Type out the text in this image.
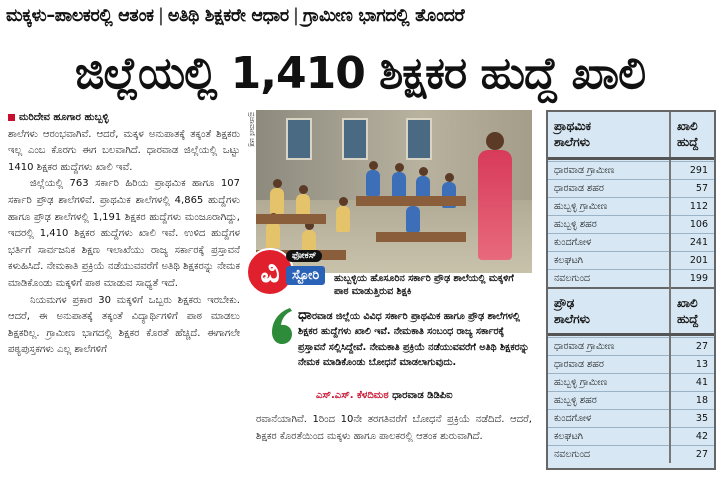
ಮಕ್ಕಳು–ಪಾಲಕರಲ್ಲಿ ಆತಂಕ | ಅತಿಥಿ ಶಿಕ್ಷಕರೇ ಆಧಾರ | ಗ್ರಾಮೀಣ ಭಾಗದಲ್ಲಿ ತೊಂದರೆ
ಜಿಲ್ಲೆಯಲ್ಲಿ 1,410 ಶಿಕ್ಷಕರ ಹುದ್ದೆ ಖಾಲಿ
ಮರಿದೇವ ಹೂಗಾರ ಹುಬ್ಬಳ್ಳಿ

ಶಾಲೆಗಳು ಆರಂಭವಾಗಿವೆ. ಆದರೆ, ಮಕ್ಕಳ ಅನುಪಾತಕ್ಕೆ ತಕ್ಕಂತೆ ಶಿಕ್ಷಕರು ಇಲ್ಲ ಎಂಬ ಕೊರಗು ಈಗ ಬಲವಾಗಿದೆ. ಧಾರವಾಡ ಜಿಲ್ಲೆಯಲ್ಲಿ ಒಟ್ಟು 1410 ಶಿಕ್ಷಕರ ಹುದ್ದೆಗಳು ಖಾಲಿ ಇವೆ.

ಜಿಲ್ಲೆಯಲ್ಲಿ 763 ಸರ್ಕಾರಿ ಹಿರಿಯ ಪ್ರಾಥಮಿಕ ಹಾಗೂ 107 ಸರ್ಕಾರಿ ಪ್ರೌಢ ಶಾಲೆಗಳಿವೆ. ಪ್ರಾಥಮಿಕ ಶಾಲೆಗಳಲ್ಲಿ 4,865 ಹುದ್ದೆಗಳು ಹಾಗೂ ಪ್ರೌಢ ಶಾಲೆಗಳಲ್ಲಿ 1,191 ಶಿಕ್ಷಕರ ಹುದ್ದೆಗಳು ಮಂಜೂರಾಗಿದ್ದು, ಇದರಲ್ಲಿ 1,410 ಶಿಕ್ಷಕರ ಹುದ್ದೆಗಳು ಖಾಲಿ ಇವೆ. ಉಳಿದ ಹುದ್ದೆಗಳ ಭರ್ತಿಗೆ ಸಾರ್ವಜನಿಕ ಶಿಕ್ಷಣ ಇಲಾಖೆಯು ರಾಜ್ಯ ಸರ್ಕಾರಕ್ಕೆ ಪ್ರಸ್ತಾವನೆ ಕಳುಹಿಸಿದೆ. ನೇಮಕಾತಿ ಪ್ರಕ್ರಿಯೆ ನಡೆಯುವವರೆಗೆ ಅತಿಥಿ ಶಿಕ್ಷಕರನ್ನು ನೇಮಕ ಮಾಡಿಕೊಂಡು ಮಕ್ಕಳಿಗೆ ಪಾಠ ಮಾಡುವ ಸಾಧ್ಯತೆ ಇದೆ.

ನಿಯಮಗಳ ಪ್ರಕಾರ 30 ಮಕ್ಕಳಿಗೆ ಒಬ್ಬರು ಶಿಕ್ಷಕರು ಇರಬೇಕು. ಆದರೆ, ಈ ಅನುಪಾತಕ್ಕೆ ತಕ್ಕಂತೆ ವಿದ್ಯಾರ್ಥಿಗಳಿಗೆ ಪಾಠ ಮಾಡಲು ಶಿಕ್ಷಕರಿಲ್ಲ. ಗ್ರಾಮೀಣ ಭಾಗದಲ್ಲಿ ಶಿಕ್ಷಕರ ಕೊರತೆ ಹೆಚ್ಚಿದೆ. ಈಗಾಗಲೇ ಪಠ್ಯಪುಸ್ತಕಗಳು ಎಲ್ಲ ಶಾಲೆಗಳಿಗೆ

ಪ್ರಜಾವಾಣಿ ಚಿತ್ರ
ವಿ	ಫೋಕಸ್
ಸ್ಟೋರಿ	ಹುಬ್ಬಳ್ಳಿಯ ಹೊಸೂರಿನ ಸರ್ಕಾರಿ ಪ್ರೌಢ ಶಾಲೆಯಲ್ಲಿ ಮಕ್ಕಳಿಗೆ ಪಾಠ ಮಾಡುತ್ತಿರುವ ಶಿಕ್ಷಕಿ
ಧಾರವಾಡ ಜಿಲ್ಲೆಯ ವಿವಿಧ ಸರ್ಕಾರಿ ಪ್ರಾಥಮಿಕ ಹಾಗೂ ಪ್ರೌಢ ಶಾಲೆಗಳಲ್ಲಿ ಶಿಕ್ಷಕರ ಹುದ್ದೆಗಳು ಖಾಲಿ ಇವೆ. ನೇಮಕಾತಿ ಸಂಬಂಧ ರಾಜ್ಯ ಸರ್ಕಾರಕ್ಕೆ ಪ್ರಸ್ತಾವನೆ ಸಲ್ಲಿಸಿದ್ದೇವೆ. ನೇಮಕಾತಿ ಪ್ರಕ್ರಿಯೆ ನಡೆಯುವವರೆಗೆ ಅತಿಥಿ ಶಿಕ್ಷಕರನ್ನು ನೇಮಕ ಮಾಡಿಕೊಂಡು ಬೋಧನೆ ಮಾಡಲಾಗುವುದು.
ಎಸ್.ಎಸ್. ಕೆಳದಿಮಠ ಧಾರವಾಡ ಡಿಡಿಪಿಐ
ರವಾನೆಯಾಗಿವೆ. 1ರಿಂದ 10ನೇ ತರಗತಿವರೆಗೆ ಬೋಧನೆ ಪ್ರಕ್ರಿಯೆ ನಡೆದಿದೆ. ಆದರೆ, ಶಿಕ್ಷಕರ ಕೊರತೆಯಿಂದ ಮಕ್ಕಳು ಹಾಗೂ ಪಾಲಕರಲ್ಲಿ ಆತಂಕ ಶುರುವಾಗಿದೆ.
ಪ್ರಾಥಮಿಕ
ಶಾಲೆಗಳು	ಖಾಲಿ
ಹುದ್ದೆ

ಧಾರವಾಡ ಗ್ರಾಮೀಣ	291
ಧಾರವಾಡ ಶಹರ	57
ಹುಬ್ಬಳ್ಳಿ ಗ್ರಾಮೀಣ	112
ಹುಬ್ಬಳ್ಳಿ ಶಹರ	106
ಕುಂದಗೋಳ	241
ಕಲಘಟಗಿ	201
ನವಲಗುಂದ	199
ಪ್ರೌಢ
ಶಾಲೆಗಳು	ಖಾಲಿ
ಹುದ್ದೆ

ಧಾರವಾಡ ಗ್ರಾಮೀಣ	27
ಧಾರವಾಡ ಶಹರ	13
ಹುಬ್ಬಳ್ಳಿ ಗ್ರಾಮೀಣ	41
ಹುಬ್ಬಳ್ಳಿ ಶಹರ	18
ಕುಂದಗೋಳ	35
ಕಲಘಟಗಿ	42
ನವಲಗುಂದ	27
